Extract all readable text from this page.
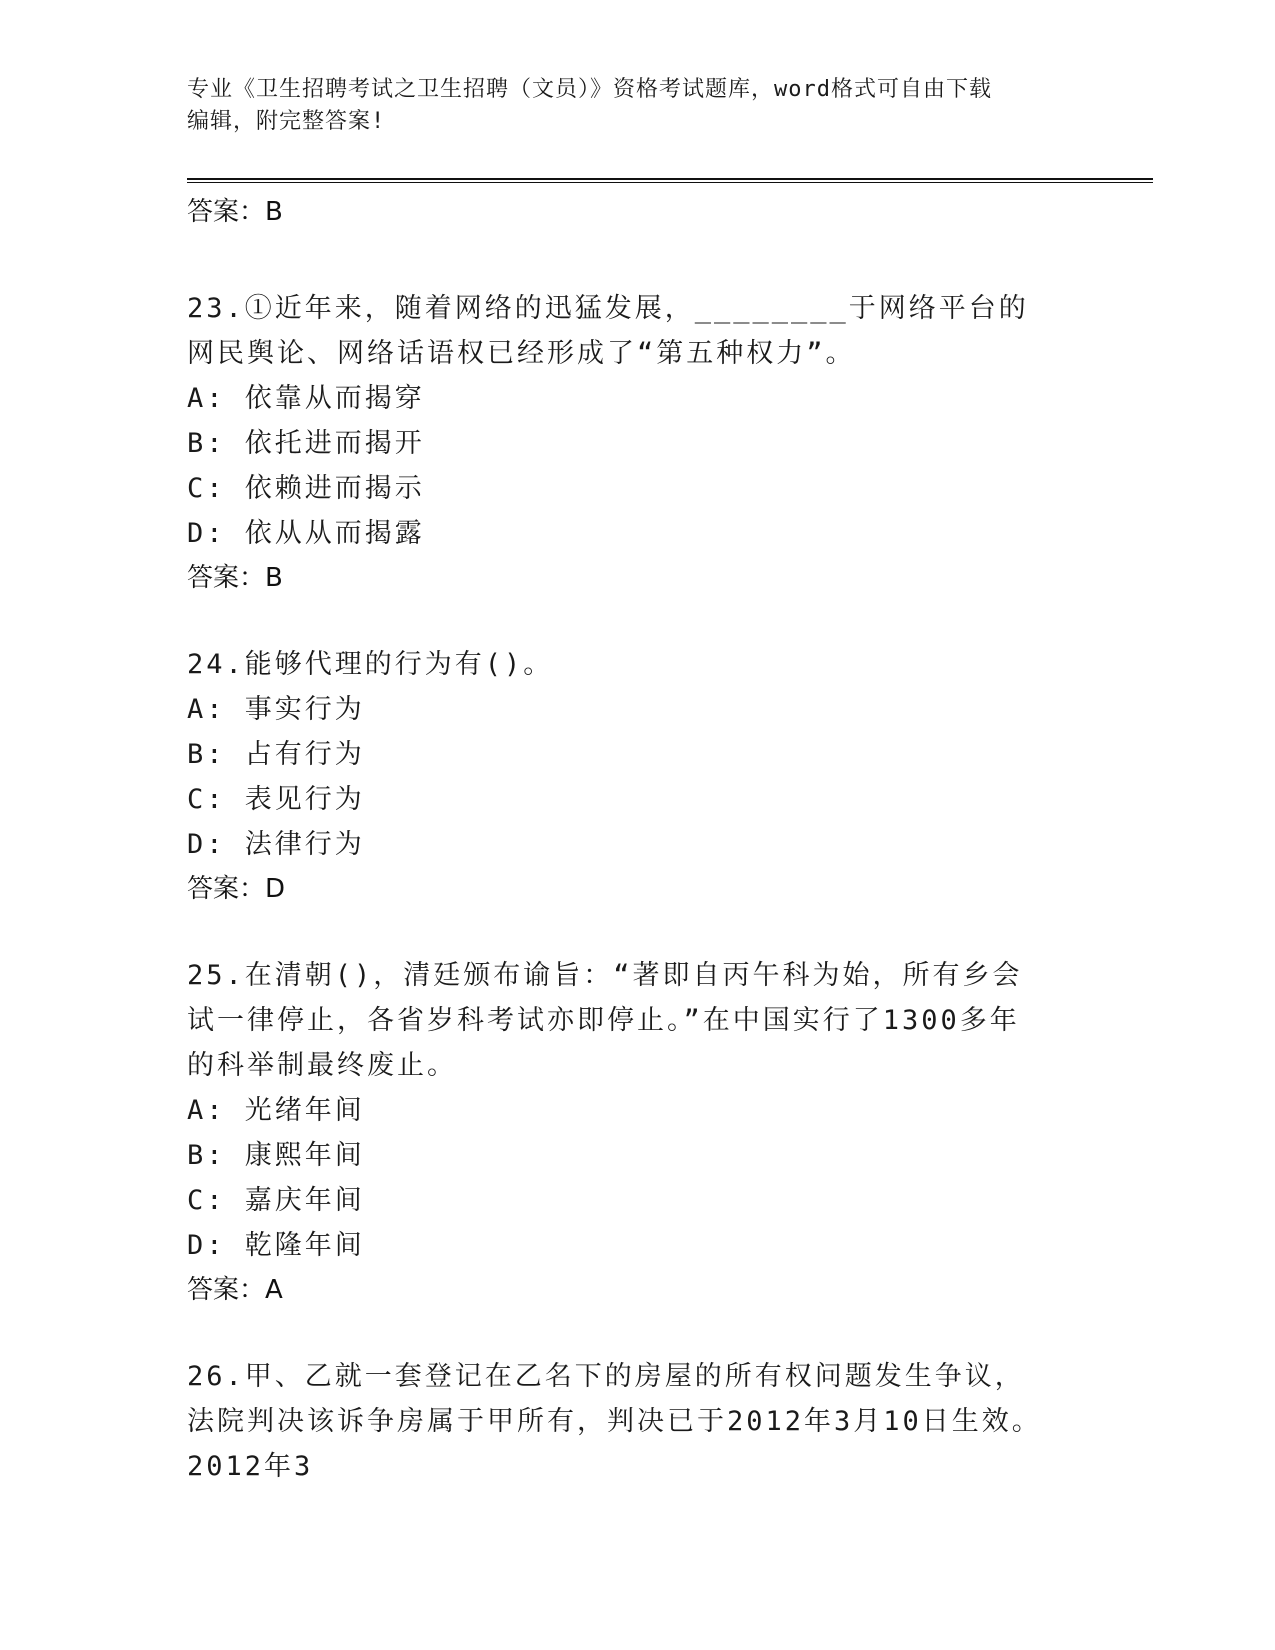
专业《卫生招聘考试之卫生招聘（文员）》资格考试题库，word格式可自由下载
编辑，附完整答案!

答案：B

23.①近年来，随着网络的迅猛发展，________于网络平台的网民舆论、网络话语权已经形成了“第五种权力”。

A: 依靠从而揭穿

B: 依托进而揭开

C: 依赖进而揭示

D: 依从从而揭露

答案：B

24.能够代理的行为有()。

A: 事实行为

B: 占有行为

C: 表见行为

D: 法律行为

答案：D

25.在清朝()，清廷颁布谕旨：“著即自丙午科为始，所有乡会试一律停止，各省岁科考试亦即停止。”在中国实行了1300多年的科举制最终废止。

A: 光绪年间

B: 康熙年间

C: 嘉庆年间

D: 乾隆年间

答案：A

26.甲、乙就一套登记在乙名下的房屋的所有权问题发生争议，法院判决该诉争房属于甲所有，判决已于2012年3月10日生效。2012年3
